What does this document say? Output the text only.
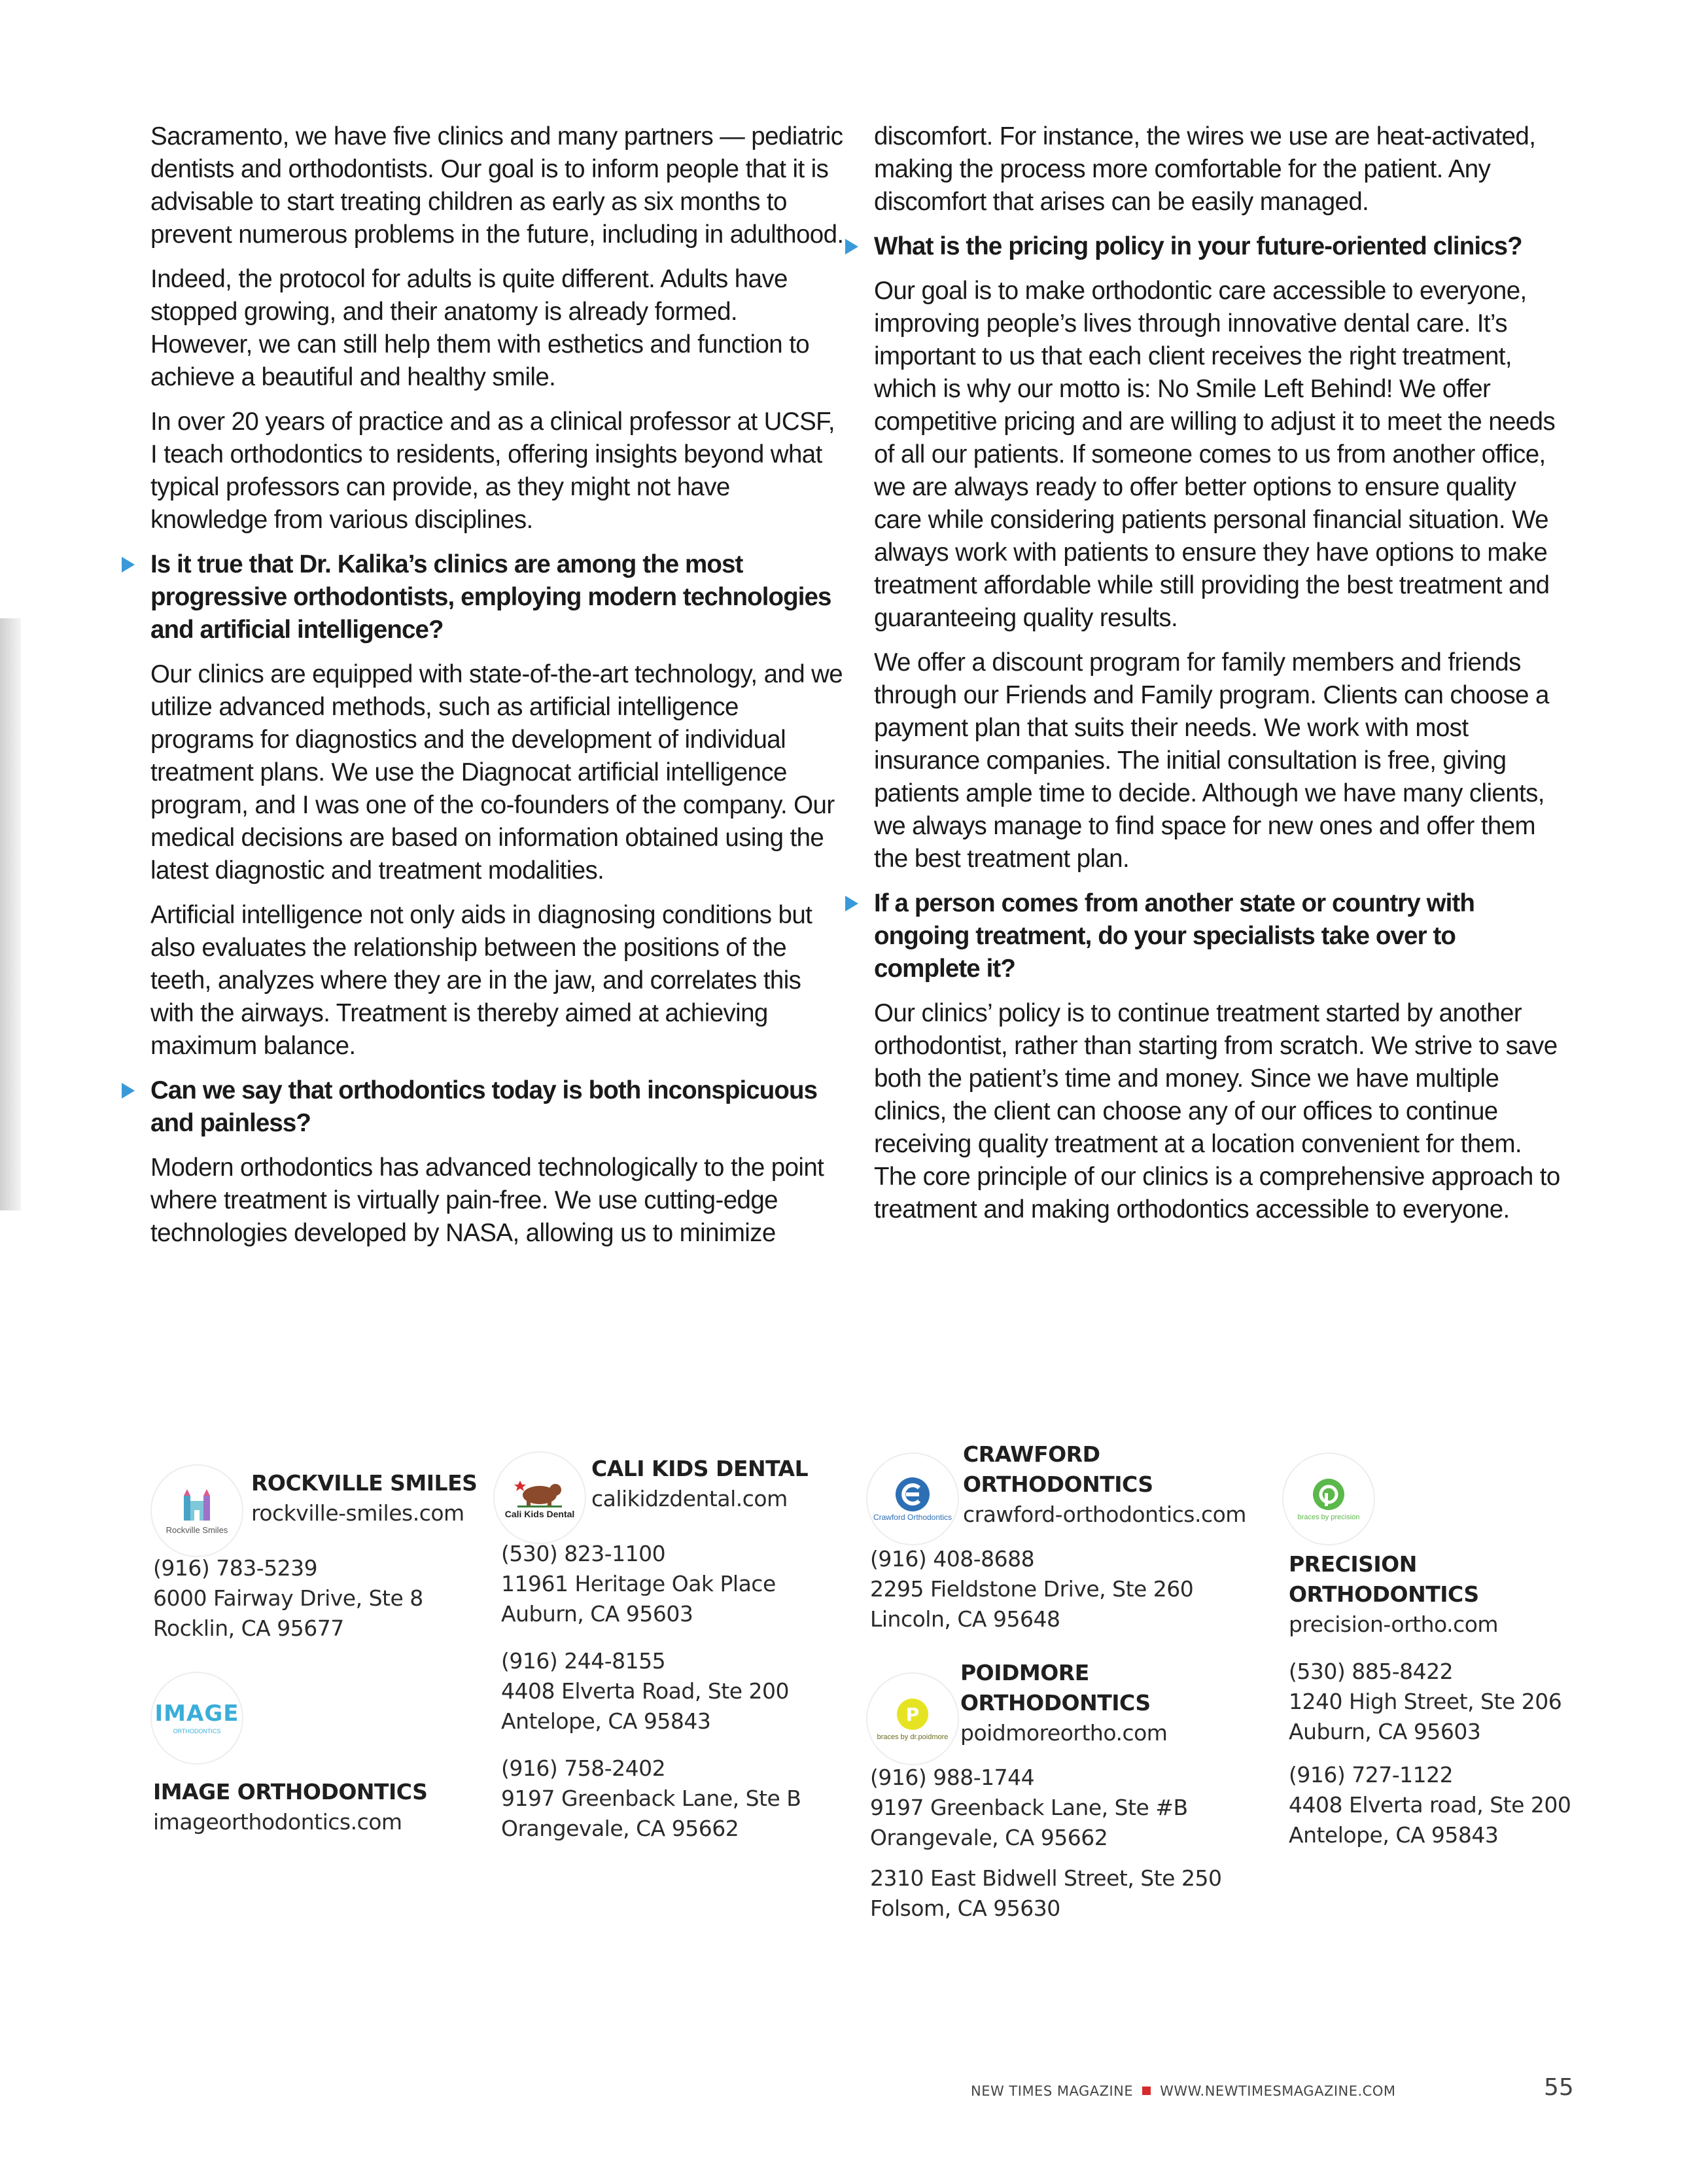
Sacramento, we have five clinics and many partners — pediatric dentists and orthodontists. Our goal is to inform people that it is advisable to start treating children as early as six months to prevent numerous problems in the future, including in adulthood.

Indeed, the protocol for adults is quite different. Adults have stopped growing, and their anatomy is already formed. However, we can still help them with esthetics and function to achieve a beautiful and healthy smile.

In over 20 years of practice and as a clinical professor at UCSF, I teach orthodontics to residents, offering insights beyond what typical professors can provide, as they might not have knowledge from various disciplines.

Is it true that Dr. Kalika’s clinics are among the most progressive orthodontists, employing modern technologies and artificial intelligence?

Our clinics are equipped with state-of-the-art technology, and we utilize advanced methods, such as artificial intelligence programs for diagnostics and the development of individual treatment plans. We use the Diagnocat artificial intelligence program, and I was one of the co-founders of the company. Our medical decisions are based on information obtained using the latest diagnostic and treatment modalities.

Artificial intelligence not only aids in diagnosing conditions but also evaluates the relationship between the positions of the teeth, analyzes where they are in the jaw, and correlates this with the airways. Treatment is thereby aimed at achieving maximum balance.

Can we say that orthodontics today is both inconspicuous and painless?

Modern orthodontics has advanced technologically to the point where treatment is virtually pain-free. We use cutting-edge technologies developed by NASA, allowing us to minimize

discomfort. For instance, the wires we use are heat-activated, making the process more comfortable for the patient. Any discomfort that arises can be easily managed.

What is the pricing policy in your future-oriented clinics?

Our goal is to make orthodontic care accessible to everyone, improving people’s lives through innovative dental care. It’s important to us that each client receives the right treatment, which is why our motto is: No Smile Left Behind! We offer competitive pricing and are willing to adjust it to meet the needs of all our patients. If someone comes to us from another office, we are always ready to offer better options to ensure quality care while considering patients personal financial situation. We always work with patients to ensure they have options to make treatment affordable while still providing the best treatment and guaranteeing quality results.

We offer a discount program for family members and friends through our Friends and Family program. Clients can choose a payment plan that suits their needs. We work with most insurance companies. The initial consultation is free, giving patients ample time to decide. Although we have many clients, we always manage to find space for new ones and offer them the best treatment plan.

If a person comes from another state or country with ongoing treatment, do your specialists take over to complete it?

Our clinics’ policy is to continue treatment started by another orthodontist, rather than starting from scratch. We strive to save both the patient’s time and money. Since we have multiple clinics, the client can choose any of our offices to continue receiving quality treatment at a location convenient for them. The core principle of our clinics is a comprehensive approach to treatment and making orthodontics accessible to everyone.

Rockville Smiles
ROCKVILLE SMILES
rockville-smiles.com
(916) 783-5239
6000 Fairway Drive, Ste 8
Rocklin, CA 95677
IMAGE
ORTHODONTICS
IMAGE ORTHODONTICS
imageorthodontics.com
Cali Kids Dental
CALI KIDS DENTAL
calikidzdental.com
(530) 823-1100
11961 Heritage Oak Place
Auburn, CA 95603
(916) 244-8155
4408 Elverta Road, Ste 200
Antelope, CA 95843
(916) 758-2402
9197 Greenback Lane, Ste B
Orangevale, CA 95662
Crawford Orthodontics
CRAWFORD
ORTHODONTICS
crawford-orthodontics.com
(916) 408-8688
2295 Fieldstone Drive, Ste 260
Lincoln, CA 95648
P
braces by dr.poidmore
POIDMORE
ORTHODONTICS
poidmoreortho.com
(916) 988-1744
9197 Greenback Lane, Ste #B
Orangevale, CA 95662
2310 East Bidwell Street, Ste 250
Folsom, CA 95630
braces by precision
PRECISION
ORTHODONTICS
precision-ortho.com
(530) 885-8422
1240 High Street, Ste 206
Auburn, CA 95603
(916) 727-1122
4408 Elverta road, Ste 200
Antelope, CA 95843
NEW TIMES MAGAZINE WWW.NEWTIMESMAGAZINE.COM	55
